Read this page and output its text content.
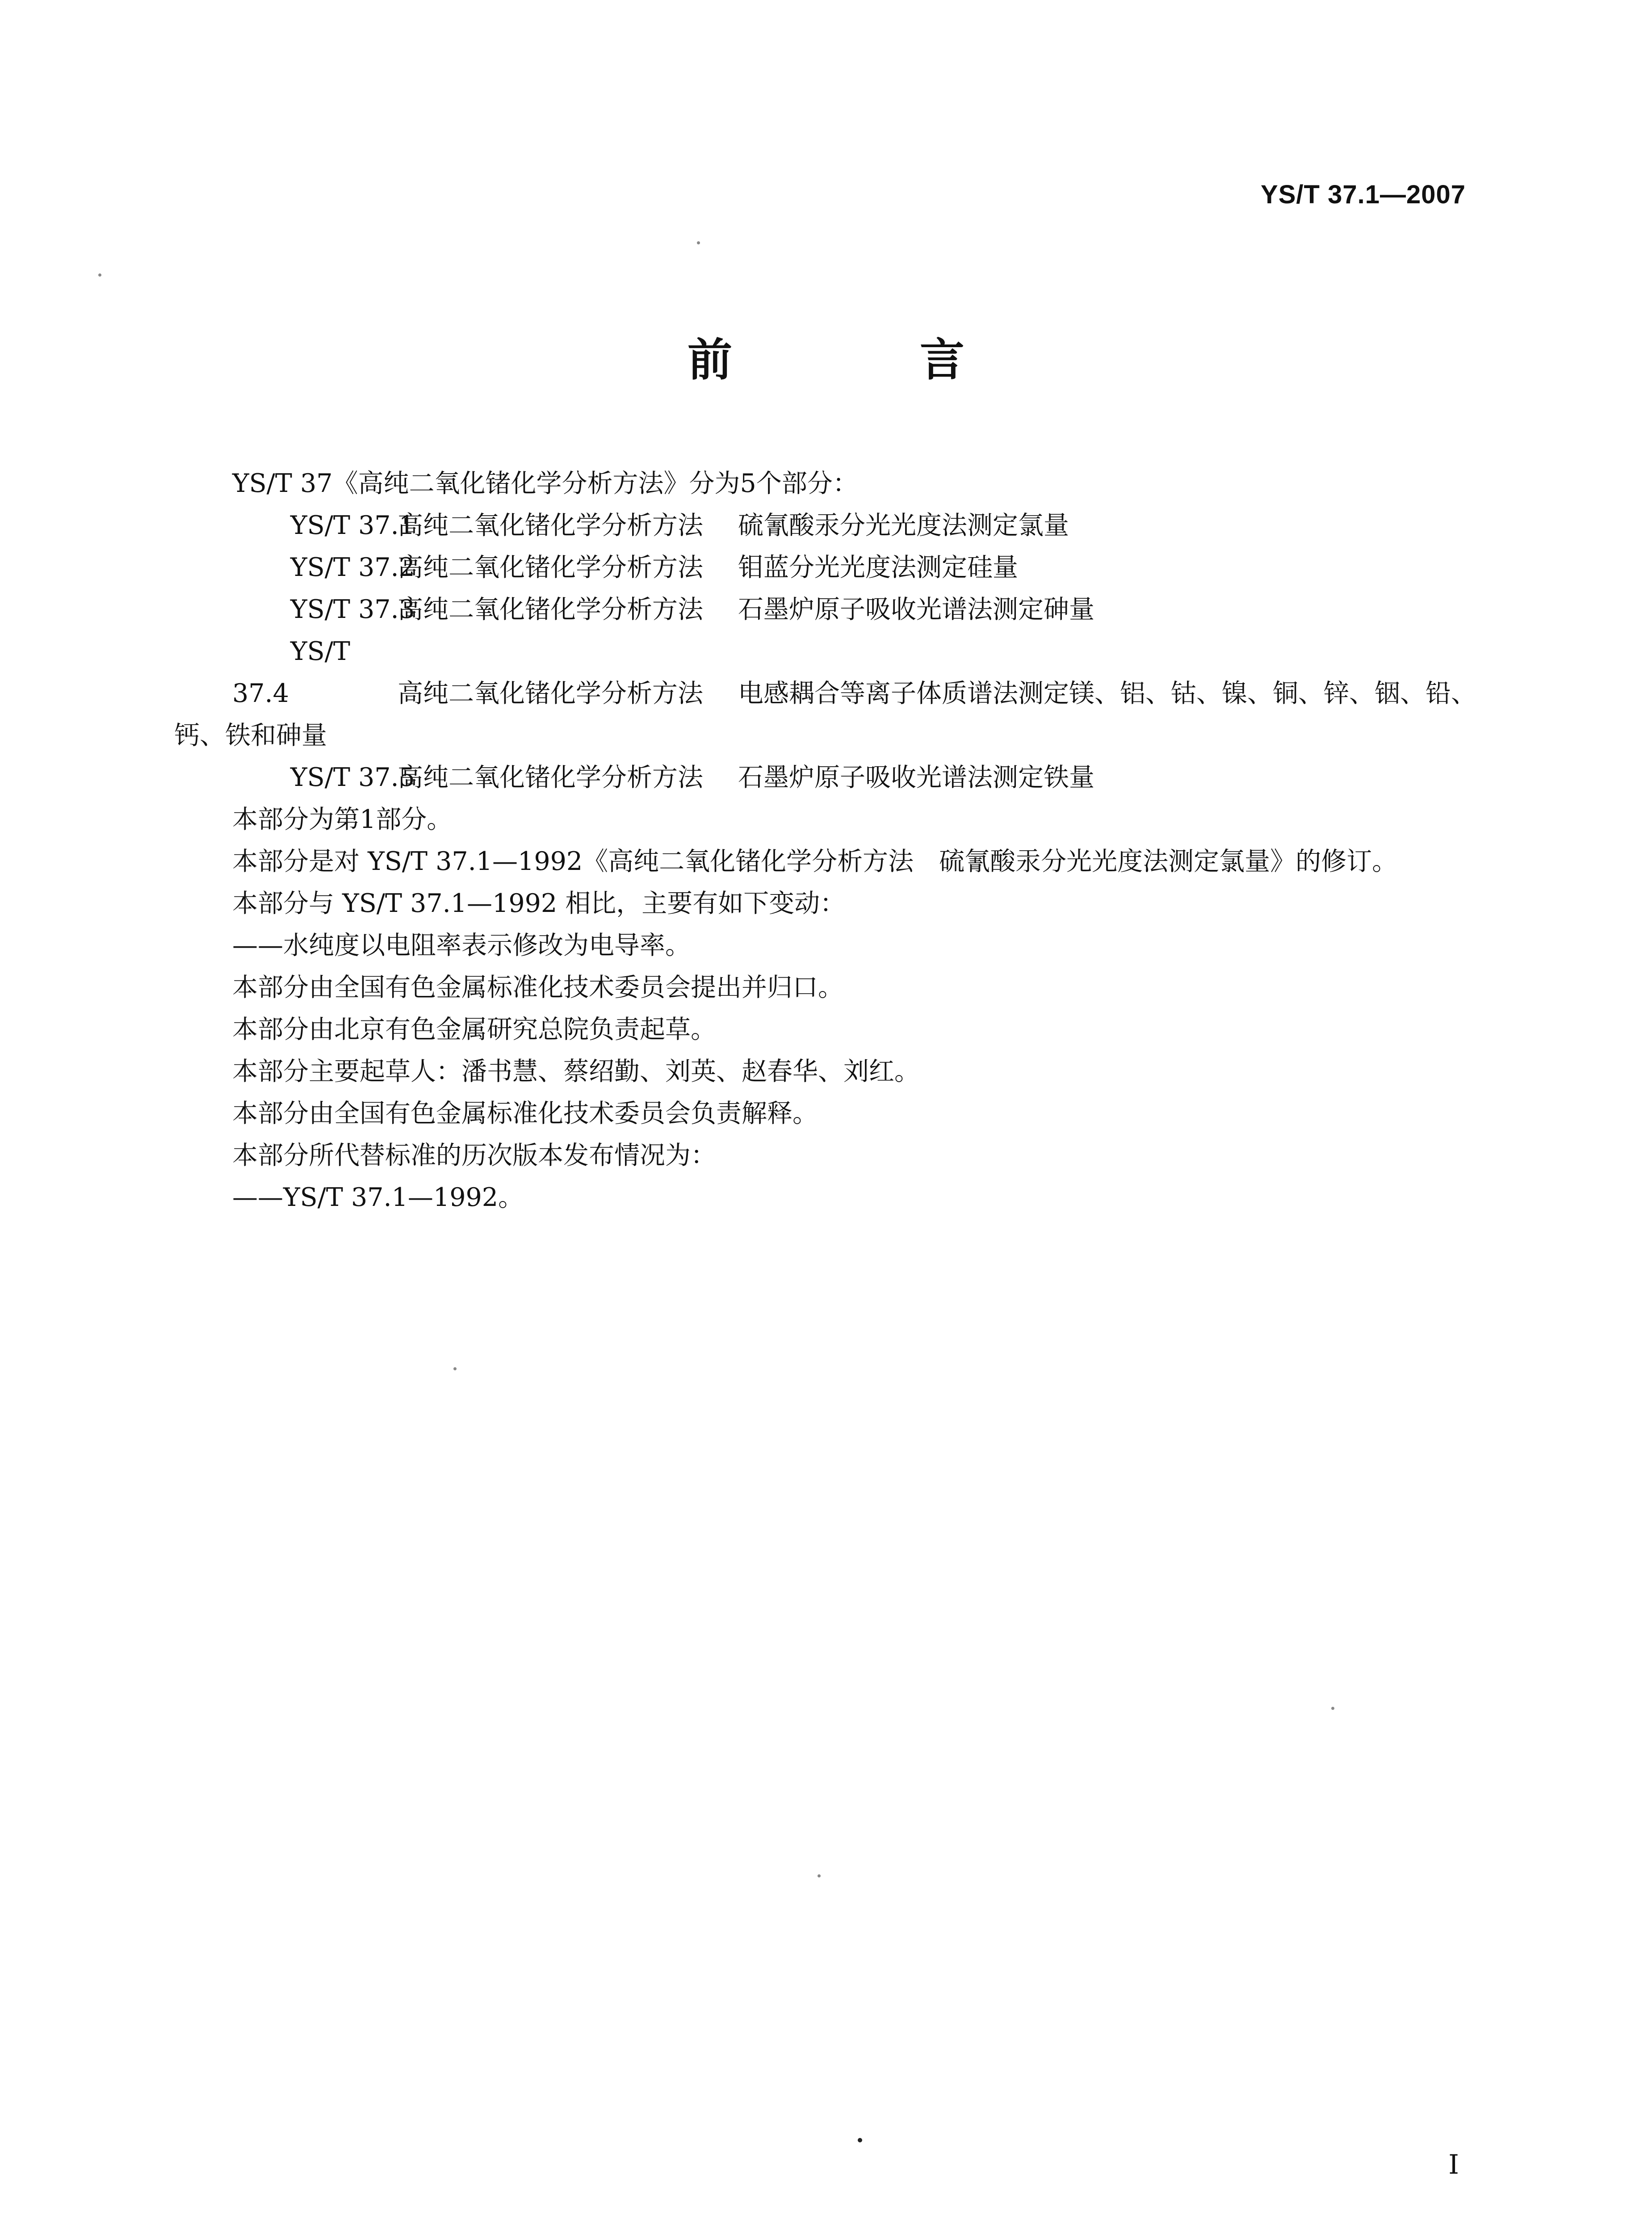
YS/T 37.1—2007
前　言
YS/T 37《高纯二氧化锗化学分析方法》分为5个部分：
YS/T 37.1高纯二氧化锗化学分析方法 硫氰酸汞分光光度法测定氯量
YS/T 37.2高纯二氧化锗化学分析方法 钼蓝分光光度法测定硅量
YS/T 37.3高纯二氧化锗化学分析方法 石墨炉原子吸收光谱法测定砷量
YS/T 37.4	高纯二氧化锗化学分析方法 电感耦合等离子体质谱法测定镁、铝、钴、镍、铜、锌、铟、铅、钙、铁和砷量
YS/T 37.5高纯二氧化锗化学分析方法 石墨炉原子吸收光谱法测定铁量
本部分为第1部分。
本部分是对 YS/T 37.1—1992《高纯二氧化锗化学分析方法　硫氰酸汞分光光度法测定氯量》的修订。
本部分与 YS/T 37.1—1992 相比，主要有如下变动：
——水纯度以电阻率表示修改为电导率。
本部分由全国有色金属标准化技术委员会提出并归口。
本部分由北京有色金属研究总院负责起草。
本部分主要起草人：潘书慧、蔡绍勤、刘英、赵春华、刘红。
本部分由全国有色金属标准化技术委员会负责解释。
本部分所代替标准的历次版本发布情况为：
——YS/T 37.1—1992。
I
